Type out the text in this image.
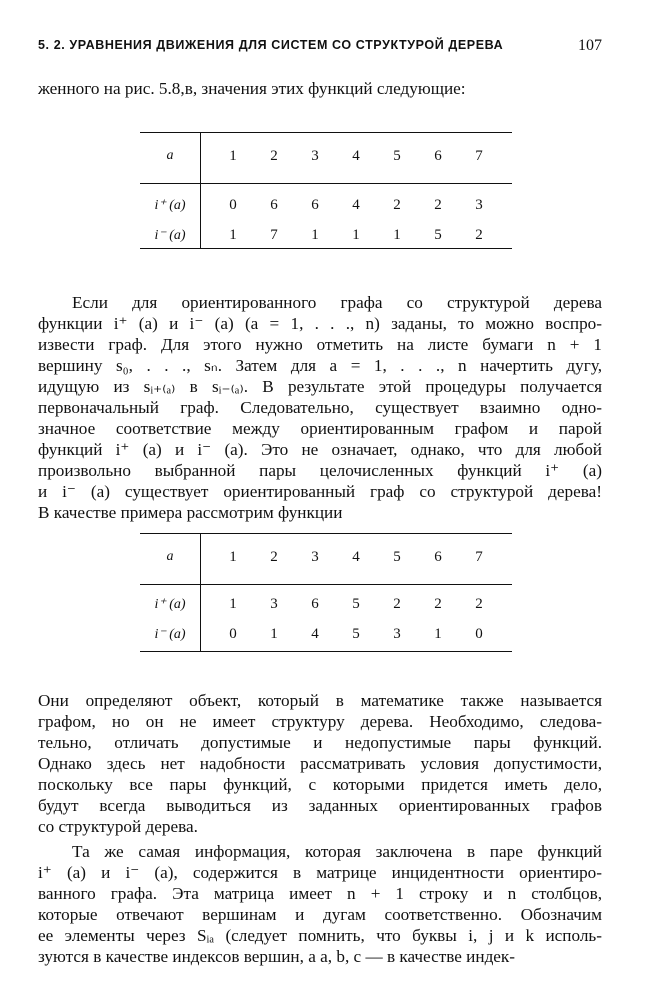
5. 2. УРАВНЕНИЯ ДВИЖЕНИЯ ДЛЯ СИСТЕМ СО СТРУКТУРОЙ ДЕРЕВА	107

женного на рис. 5.8,в, значения этих функций следующие:

a	1	2	3	4	5	6	7
i⁺ (a)	0	6	6	4	2	2	3
i⁻ (a)	1	7	1	1	1	5	2

Если для ориентированного графа со структурой дерева

функции i⁺ (a) и i⁻ (a) (a = 1, . . ., n) заданы, то можно воспро-

извести граф. Для этого нужно отметить на листе бумаги n + 1

вершину s₀, . . ., sₙ. Затем для a = 1, . . ., n начертить дугу,

идущую из sᵢ₊₍ₐ₎ в sᵢ₋₍ₐ₎. В результате этой процедуры получается

первоначальный граф. Следовательно, существует взаимно одно-

значное соответствие между ориентированным графом и парой

функций i⁺ (a) и i⁻ (a). Это не означает, однако, что для любой

произвольно выбранной пары целочисленных функций i⁺ (a)

и i⁻ (a) существует ориентированный граф со структурой дерева!

В качестве примера рассмотрим функции

a	1	2	3	4	5	6	7
i⁺ (a)	1	3	6	5	2	2	2
i⁻ (a)	0	1	4	5	3	1	0

Они определяют объект, который в математике также называется

графом, но он не имеет структуру дерева. Необходимо, следова-

тельно, отличать допустимые и недопустимые пары функций.

Однако здесь нет надобности рассматривать условия допустимости,

поскольку все пары функций, с которыми придется иметь дело,

будут всегда выводиться из заданных ориентированных графов

со структурой дерева.

Та же самая информация, которая заключена в паре функций

i⁺ (a) и i⁻ (a), содержится в матрице инцидентности ориентиро-

ванного графа. Эта матрица имеет n + 1 строку и n столбцов,

которые отвечают вершинам и дугам соответственно. Обозначим

ее элементы через Sᵢₐ (следует помнить, что буквы i, j и k исполь-

зуются в качестве индексов вершин, а a, b, c — в качестве индек-
